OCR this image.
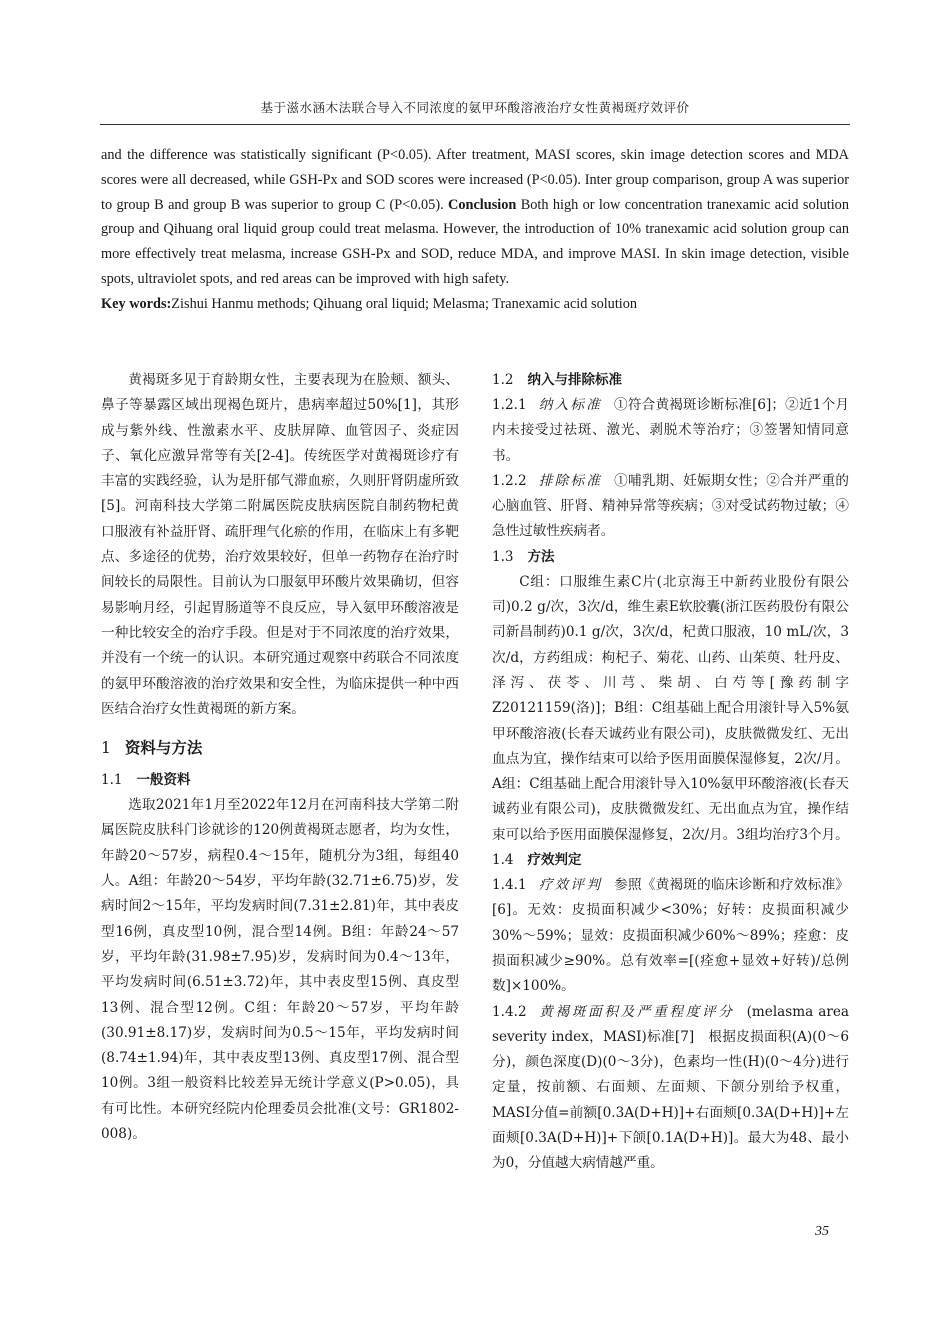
基于滋水涵木法联合导入不同浓度的氨甲环酸溶液治疗女性黄褐斑疗效评价

and the difference was statistically significant (P<0.05). After treatment, MASI scores, skin image detection scores and MDA scores were all decreased, while GSH-Px and SOD scores were increased (P<0.05). Inter group comparison, group A was superior to group B and group B was superior to group C (P<0.05). Conclusion Both high or low concentration tranexamic acid solution group and Qihuang oral liquid group could treat melasma. However, the introduction of 10% tranexamic acid solution group can more effectively treat melasma, increase GSH-Px and SOD, reduce MDA, and improve MASI. In skin image detection, visible spots, ultraviolet spots, and red areas can be improved with high safety.

Key words:Zishui Hanmu methods; Qihuang oral liquid; Melasma; Tranexamic acid solution

黄褐斑多见于育龄期女性，主要表现为在脸颊、额头、鼻子等暴露区域出现褐色斑片，患病率超过50%[1]，其形成与紫外线、性激素水平、皮肤屏障、血管因子、炎症因子、氧化应激异常等有关[2-4]。传统医学对黄褐斑诊疗有丰富的实践经验，认为是肝郁气滞血瘀，久则肝肾阴虚所致[5]。河南科技大学第二附属医院皮肤病医院自制药物杞黄口服液有补益肝肾、疏肝理气化瘀的作用，在临床上有多靶点、多途径的优势，治疗效果较好，但单一药物存在治疗时间较长的局限性。目前认为口服氨甲环酸片效果确切，但容易影响月经，引起胃肠道等不良反应，导入氨甲环酸溶液是一种比较安全的治疗手段。但是对于不同浓度的治疗效果，并没有一个统一的认识。本研究通过观察中药联合不同浓度的氨甲环酸溶液的治疗效果和安全性，为临床提供一种中西医结合治疗女性黄褐斑的新方案。

1 资料与方法
1.1 一般资料

选取2021年1月至2022年12月在河南科技大学第二附属医院皮肤科门诊就诊的120例黄褐斑志愿者，均为女性，年龄20～57岁，病程0.4～15年，随机分为3组，每组40人。A组：年龄20～54岁，平均年龄(32.71±6.75)岁，发病时间2～15年，平均发病时间(7.31±2.81)年，其中表皮型16例，真皮型10例，混合型14例。B组：年龄24～57岁，平均年龄(31.98±7.95)岁，发病时间为0.4～13年，平均发病时间(6.51±3.72)年，其中表皮型15例、真皮型13例、混合型12例。C组：年龄20～57岁，平均年龄(30.91±8.17)岁，发病时间为0.5～15年，平均发病时间(8.74±1.94)年，其中表皮型13例、真皮型17例、混合型10例。3组一般资料比较差异无统计学意义(P>0.05)，具有可比性。本研究经院内伦理委员会批准(文号：GR1802-008)。

1.2 纳入与排除标准

1.2.1 纳入标准 ①符合黄褐斑诊断标准[6]；②近1个月内未接受过祛斑、激光、剥脱术等治疗；③签署知情同意书。

1.2.2 排除标准 ①哺乳期、妊娠期女性；②合并严重的心脑血管、肝肾、精神异常等疾病；③对受试药物过敏；④急性过敏性疾病者。

1.3 方法

C组：口服维生素C片(北京海王中新药业股份有限公司)0.2 g/次，3次/d，维生素E软胶囊(浙江医药股份有限公司新昌制药)0.1 g/次，3次/d，杞黄口服液，10 mL/次，3次/d，方药组成：枸杞子、菊花、山药、山茱萸、牡丹皮、泽泻、茯苓、川芎、柴胡、白芍等[豫药制字Z20121159(洛)]；B组：C组基础上配合用滚针导入5%氨甲环酸溶液(长春天诚药业有限公司)，皮肤微微发红、无出血点为宜，操作结束可以给予医用面膜保湿修复，2次/月。A组：C组基础上配合用滚针导入10%氨甲环酸溶液(长春天诚药业有限公司)，皮肤微微发红、无出血点为宜，操作结束可以给予医用面膜保湿修复，2次/月。3组均治疗3个月。

1.4 疗效判定

1.4.1 疗效评判 参照《黄褐斑的临床诊断和疗效标准》[6]。无效：皮损面积减少<30%；好转：皮损面积减少30%～59%；显效：皮损面积减少60%～89%；痊愈：皮损面积减少≥90%。总有效率=[(痊愈+显效+好转)/总例数]×100%。

1.4.2 黄褐斑面积及严重程度评分 (melasma area severity index，MASI)标准[7]　根据皮损面积(A)(0～6分)，颜色深度(D)(0～3分)，色素均一性(H)(0～4分)进行定量，按前额、右面颊、左面颊、下颌分别给予权重，MASI分值=前额[0.3A(D+H)]+右面颊[0.3A(D+H)]+左面颊[0.3A(D+H)]+下颌[0.1A(D+H)]。最大为48、最小为0，分值越大病情越严重。

35
